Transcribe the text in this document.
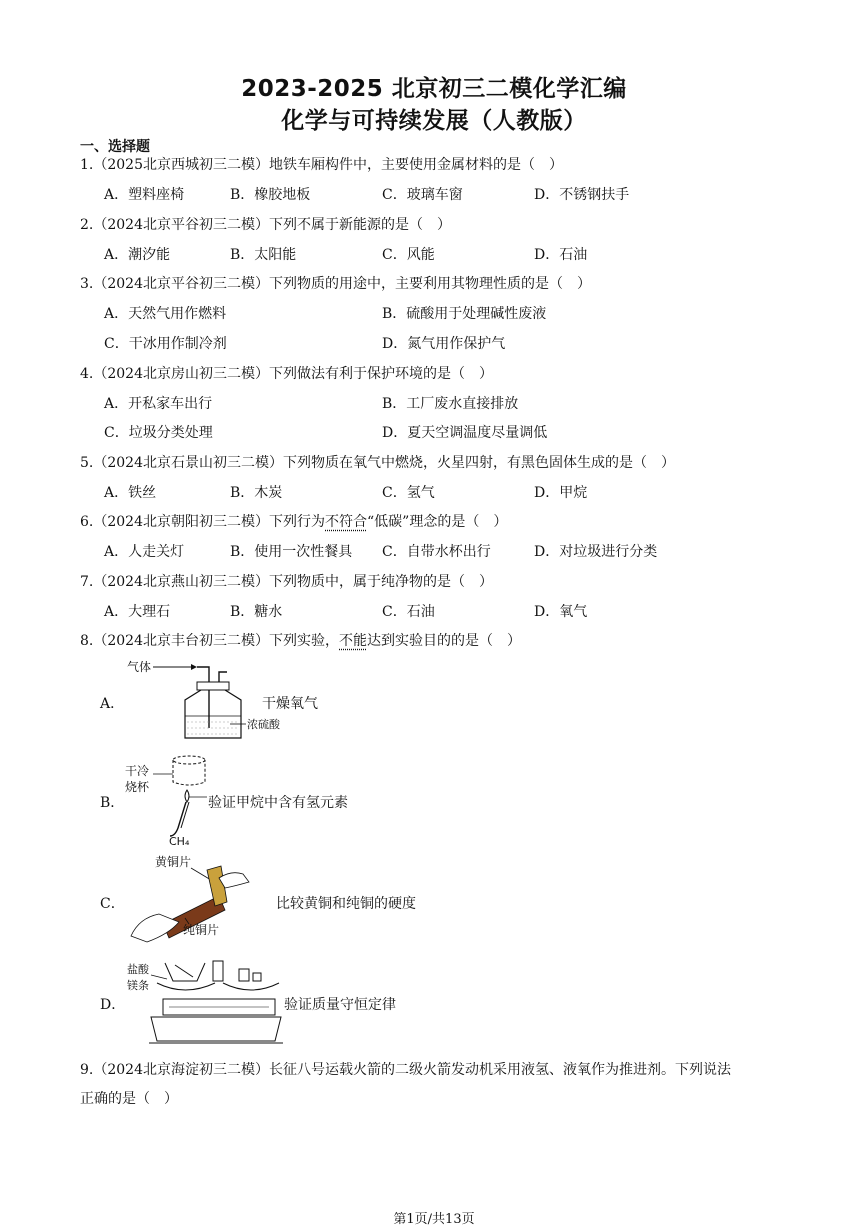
2023-2025 北京初三二模化学汇编
化学与可持续发展（人教版）
一、选择题
1.（2025北京西城初三二模）地铁车厢构件中，主要使用金属材料的是（　）
A．塑料座椅	B．橡胶地板	C．玻璃车窗	D．不锈钢扶手
2.（2024北京平谷初三二模）下列不属于新能源的是（　）
A．潮汐能	B．太阳能	C．风能	D．石油
3.（2024北京平谷初三二模）下列物质的用途中，主要利用其物理性质的是（　）
A．天然气用作燃料	B．硫酸用于处理碱性废液
C．干冰用作制冷剂	D．氮气用作保护气
4.（2024北京房山初三二模）下列做法有利于保护环境的是（　）
A．开私家车出行	B．工厂废水直接排放
C．垃圾分类处理	D．夏天空调温度尽量调低
5.（2024北京石景山初三二模）下列物质在氧气中燃烧，火星四射，有黑色固体生成的是（　）
A．铁丝	B．木炭	C．氢气	D．甲烷
6.（2024北京朝阳初三二模）下列行为不符合“低碳”理念的是（　）
A．人走关灯	B．使用一次性餐具 C．自带水杯出行	D．对垃圾进行分类
7.（2024北京燕山初三二模）下列物质中，属于纯净物的是（　）
A．大理石	B．糖水	C．石油	D．氧气
8.（2024北京丰台初三二模）下列实验，不能达到实验目的的是（　）
A．
气体
浓硫酸
干燥氧气
B．
干冷
烧杯
CH₄
验证甲烷中含有氢元素
C．
黄铜片
纯铜片
比较黄铜和纯铜的硬度
D．
盐酸
镁条
验证质量守恒定律
9.（2024北京海淀初三二模）长征八号运载火箭的二级火箭发动机采用液氢、液氧作为推进剂。下列说法
正确的是（　）
第1页/共13页
